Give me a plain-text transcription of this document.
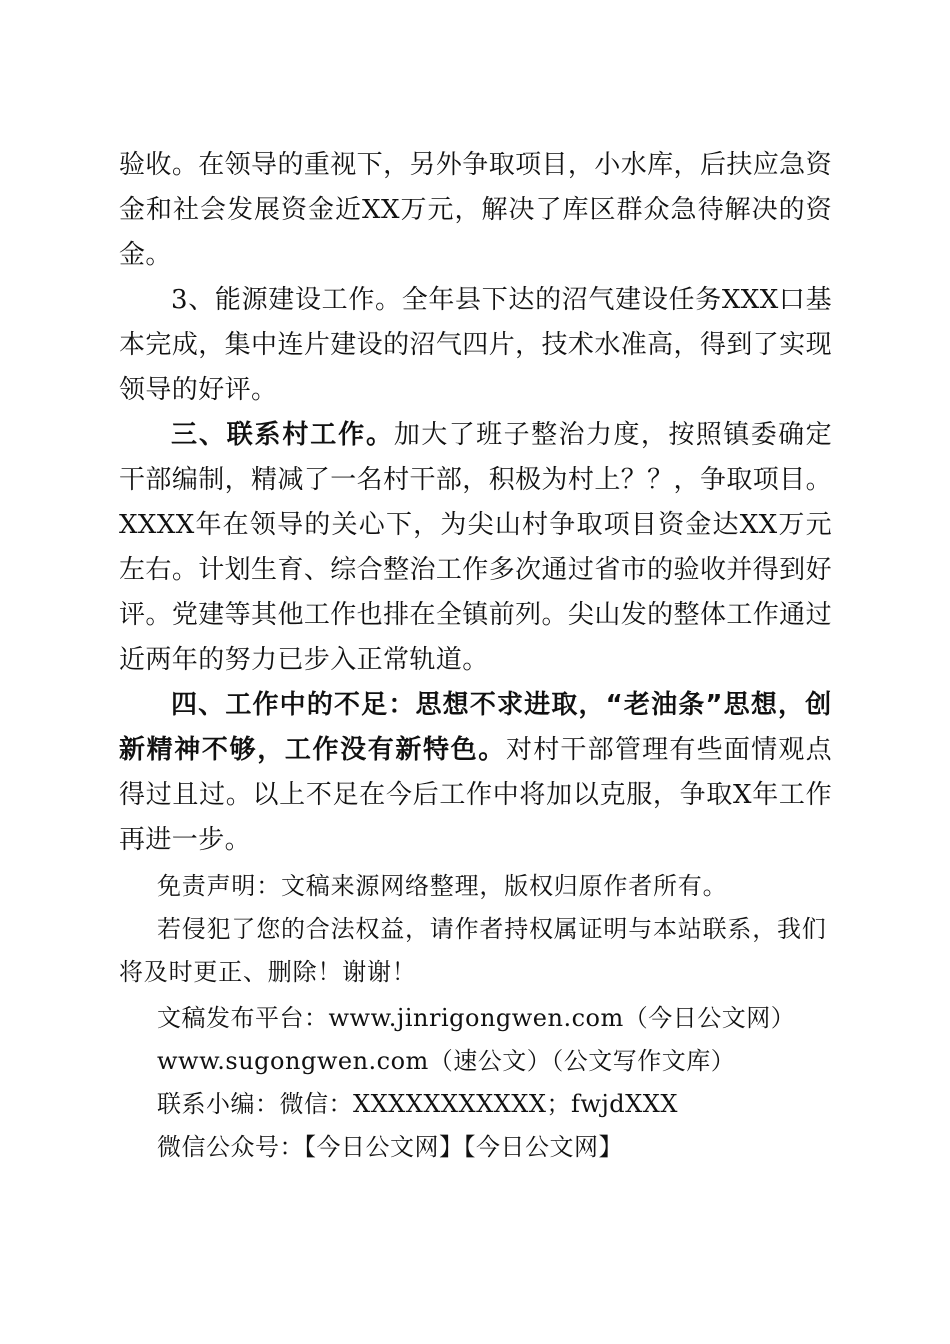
验收。在领导的重视下，另外争取项目，小水库，后扶应急资金和社会发展资金近XX万元，解决了库区群众急待解决的资金。

3、能源建设工作。全年县下达的沼气建设任务XXX口基本完成，集中连片建设的沼气四片，技术水准高，得到了实现领导的好评。

三、联系村工作。加大了班子整治力度，按照镇委确定干部编制，精减了一名村干部，积极为村上？？，争取项目。XXXX年在领导的关心下，为尖山村争取项目资金达XX万元左右。计划生育、综合整治工作多次通过省市的验收并得到好评。党建等其他工作也排在全镇前列。尖山发的整体工作通过近两年的努力已步入正常轨道。

四、工作中的不足：思想不求进取，“老油条”思想，创新精神不够，工作没有新特色。对村干部管理有些面情观点得过且过。以上不足在今后工作中将加以克服，争取X年工作再进一步。

免责声明：文稿来源网络整理，版权归原作者所有。

若侵犯了您的合法权益，请作者持权属证明与本站联系，我们将及时更正、删除！谢谢！

文稿发布平台：www.jinrigongwen.com（今日公文网）

www.sugongwen.com（速公文）（公文写作文库）

联系小编：微信：XXXXXXXXXXX；fwjdXXX

微信公众号：【今日公文网】【今日公文网】
